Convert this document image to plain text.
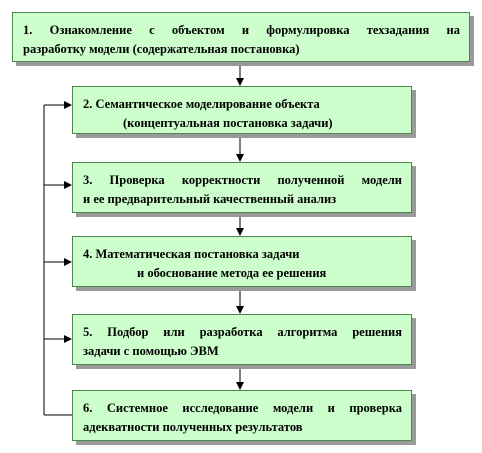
1. Ознакомление с объектом и формулировка техзадания на
разработку модели (содержательная постановка)
2. Семантическое моделирование объекта
(концептуальная постановка задачи)
3. Проверка корректности полученной модели
и ее предварительный качественный анализ
4. Математическая постановка задачи
и обоснование метода ее решения
5. Подбор или разработка алгоритма решения
задачи с помощью ЭВМ
6. Системное исследование модели и проверка
адекватности полученных результатов
